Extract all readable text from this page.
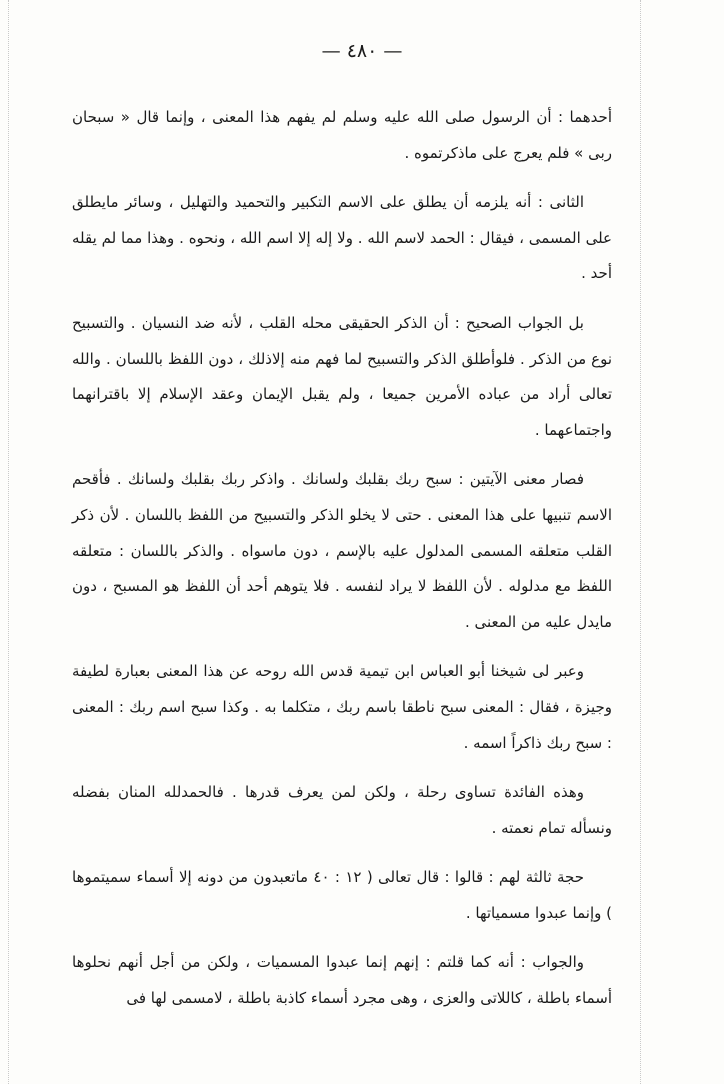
— ٤٨٠ —

أحدهما : أن الرسول صلى الله عليه وسلم لم يفهم هذا المعنى ، وإنما قال « سبحان ربى » فلم يعرج على ماذكرتموه .

الثانى : أنه يلزمه أن يطلق على الاسم التكبير والتحميد والتهليل ، وسائر مايطلق على المسمى ، فيقال : الحمد لاسم الله . ولا إله إلا اسم الله ، ونحوه . وهذا مما لم يقله أحد .

بل الجواب الصحيح : أن الذكر الحقيقى محله القلب ، لأنه ضد النسيان . والتسبيح نوع من الذكر . فلوأطلق الذكر والتسبيح لما فهم منه إلاذلك ، دون اللفظ باللسان . والله تعالى أراد من عباده الأمرين جميعا ، ولم يقبل الإيمان وعقد الإسلام إلا باقترانهما واجتماعهما .

فصار معنى الآيتين : سبح ربك بقلبك ولسانك . واذكر ربك بقلبك ولسانك . فأقحم الاسم تنبيها على هذا المعنى . حتى لا يخلو الذكر والتسبيح من اللفظ باللسان . لأن ذكر القلب متعلقه المسمى المدلول عليه بالإسم ، دون ماسواه . والذكر باللسان : متعلقه اللفظ مع مدلوله . لأن اللفظ لا يراد لنفسه . فلا يتوهم أحد أن اللفظ هو المسبح ، دون مايدل عليه من المعنى .

وعبر لى شيخنا أبو العباس ابن تيمية قدس الله روحه عن هذا المعنى بعبارة لطيفة وجيزة ، فقال : المعنى سبح ناطقا باسم ربك ، متكلما به . وكذا سبح اسم ربك : المعنى : سبح ربك ذاكراً اسمه .

وهذه الفائدة تساوى رحلة ، ولكن لمن يعرف قدرها . فالحمدلله المنان بفضله ونسأله تمام نعمته .

حجة ثالثة لهم : قالوا : قال تعالى ( ١٢ : ٤٠ ماتعبدون من دونه إلا أسماء سميتموها ) وإنما عبدوا مسمياتها .

والجواب : أنه كما قلتم : إنهم إنما عبدوا المسميات ، ولكن من أجل أنهم نحلوها أسماء باطلة ، كاللاتى والعزى ، وهى مجرد أسماء كاذبة باطلة ، لامسمى لها فى
